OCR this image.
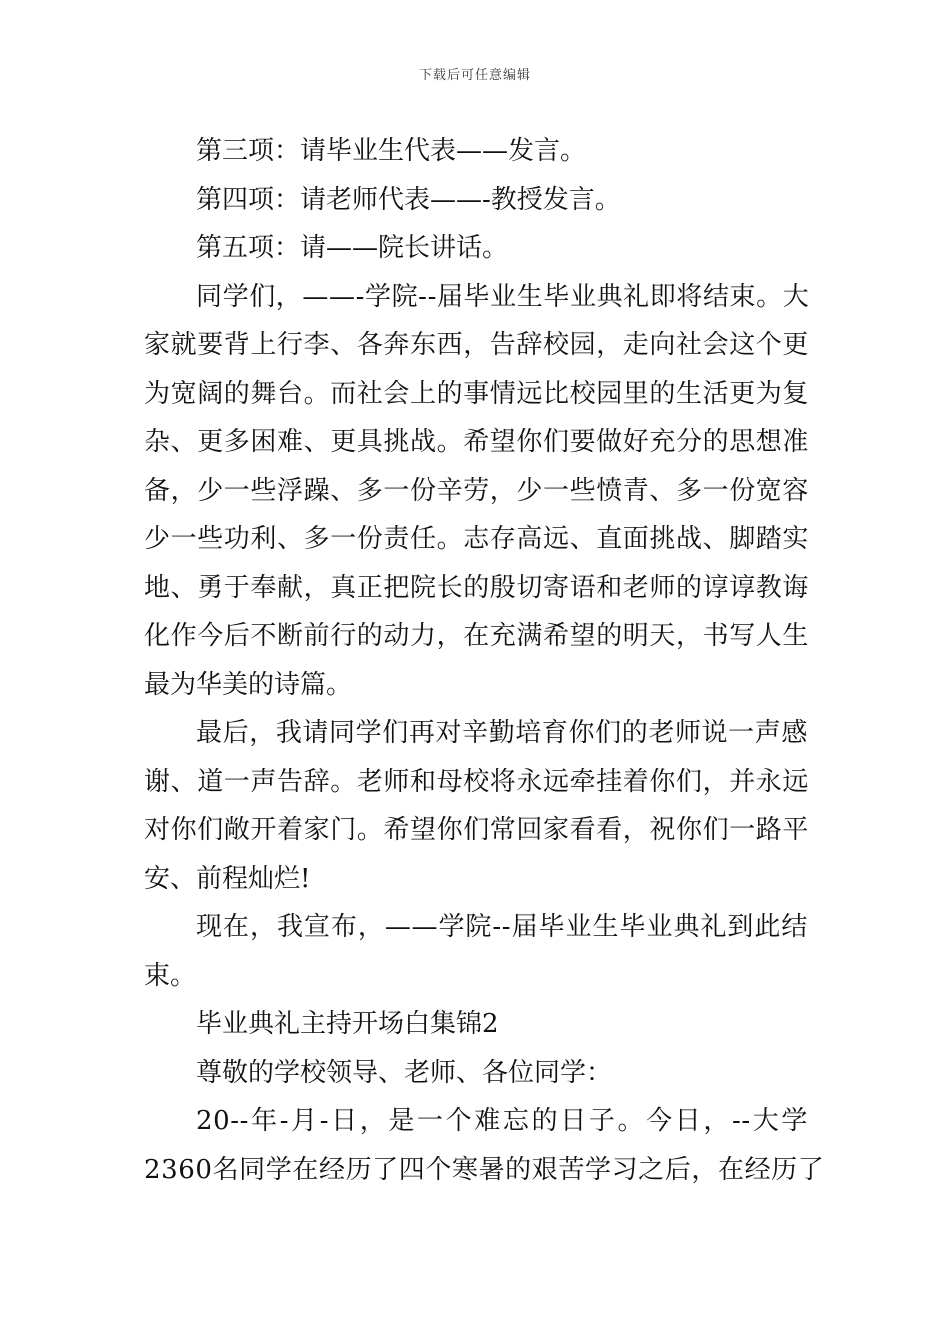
下载后可任意编辑

第三项：请毕业生代表——发言。

第四项：请老师代表——-教授发言。

第五项：请——院长讲话。

同学们，——-学院--届毕业生毕业典礼即将结束。大

家就要背上行李、各奔东西，告辞校园，走向社会这个更

为宽阔的舞台。而社会上的事情远比校园里的生活更为复

杂、更多困难、更具挑战。希望你们要做好充分的思想准

备，少一些浮躁、多一份辛劳，少一些愤青、多一份宽容

少一些功利、多一份责任。志存高远、直面挑战、脚踏实

地、勇于奉献，真正把院长的殷切寄语和老师的谆谆教诲

化作今后不断前行的动力，在充满希望的明天，书写人生

最为华美的诗篇。

最后，我请同学们再对辛勤培育你们的老师说一声感

谢、道一声告辞。老师和母校将永远牵挂着你们，并永远

对你们敞开着家门。希望你们常回家看看，祝你们一路平

安、前程灿烂!

现在，我宣布，——学院--届毕业生毕业典礼到此结

束。

毕业典礼主持开场白集锦2

尊敬的学校领导、老师、各位同学：

20--年-月-日，是一个难忘的日子。今日，--大学

2360名同学在经历了四个寒暑的艰苦学习之后，在经历了
